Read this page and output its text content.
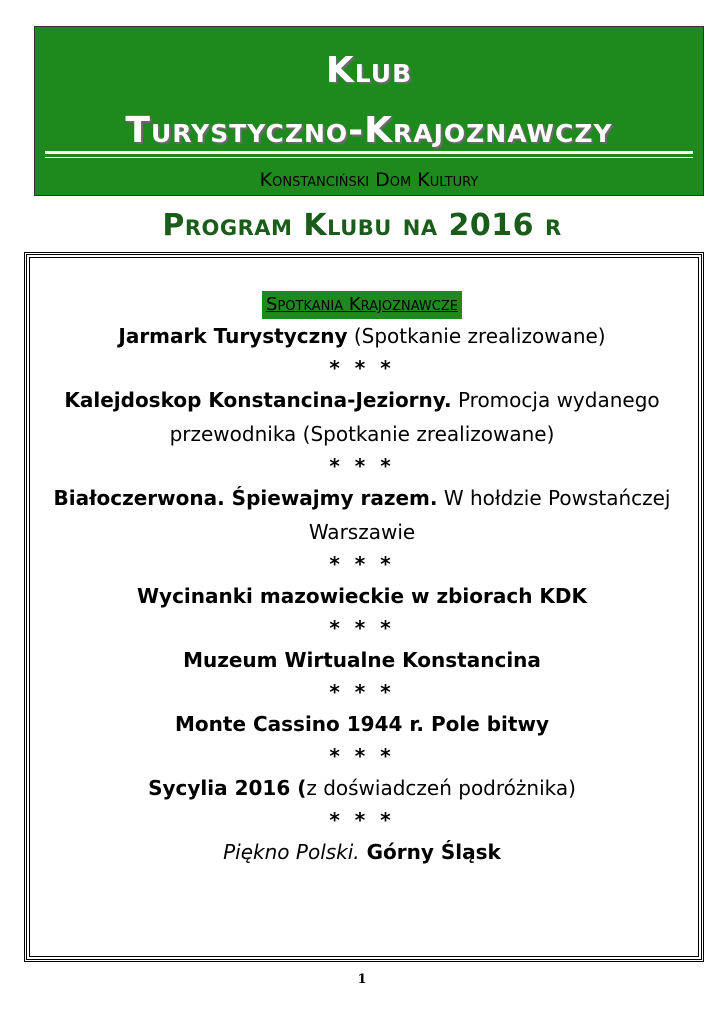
Klub
Turystyczno-Krajoznawczy
Konstanciński Dom Kultury
Program Klubu na 2016 r
Spotkania Krajoznawcze

Jarmark Turystyczny (Spotkanie zrealizowane)

* * *

Kalejdoskop Konstancina-Jeziorny. Promocja wydanego przewodnika (Spotkanie zrealizowane)

* * *

Białoczerwona. Śpiewajmy razem. W hołdzie Powstańczej Warszawie

* * *

Wycinanki mazowieckie w zbiorach KDK

* * *

Muzeum Wirtualne Konstancina

* * *

Monte Cassino 1944 r. Pole bitwy

* * *

Sycylia 2016 (z doświadczeń podróżnika)

* * *

Piękno Polski. Górny Śląsk

1
